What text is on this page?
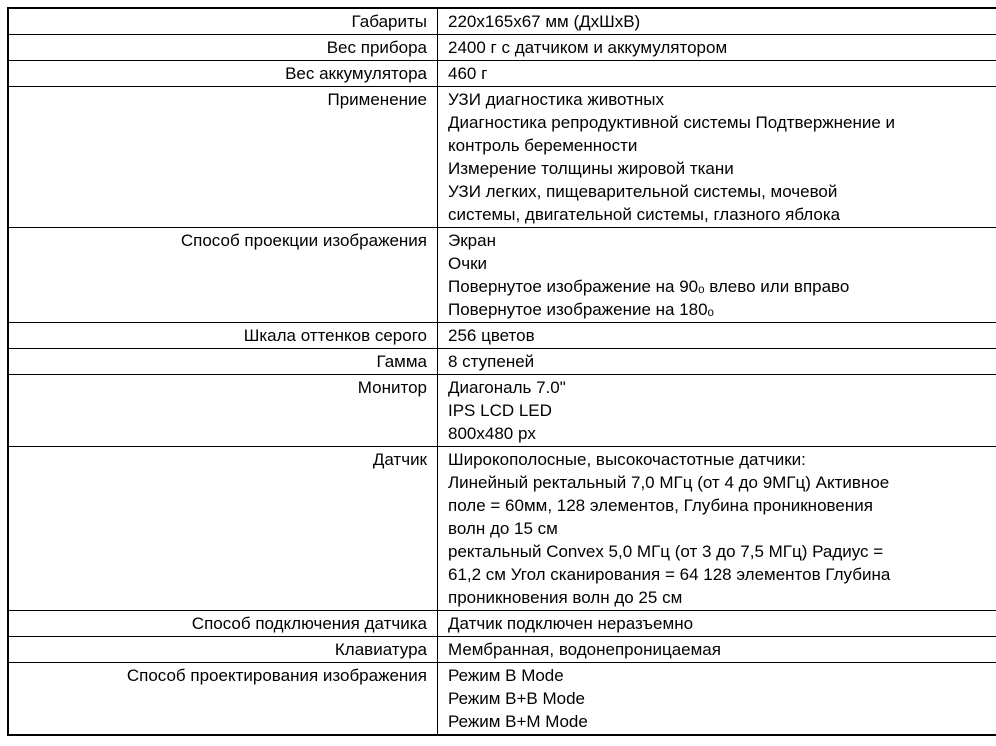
Габариты	220x165x67 мм (ДхШхВ)

Вес прибора	2400 г с датчиком и аккумулятором

Вес аккумулятора	460 г

Применение	УЗИ диагностика животных
Диагностика репродуктивной системы Подтвержнение и
контроль беременности
Измерение толщины жировой ткани
УЗИ легких, пищеварительной системы, мочевой
системы, двигательной системы, глазного яблока

Способ проекции изображения	Экран
Очки
Повернутое изображение на 90ₒ влево или вправо
Повернутое изображение на 180ₒ

Шкала оттенков серого	256 цветов

Гамма	8 ступеней

Монитор	Диагональ 7.0"
IPS LCD LED
800x480 px

Датчик	Широкополосные, высокочастотные датчики:
Линейный ректальный 7,0 МГц (от 4 до 9МГц) Активное
поле = 60мм, 128 элементов, Глубина проникновения
волн до 15 см
ректальный Convex 5,0 МГц (от 3 до 7,5 МГц) Радиус =
61,2 см Угол сканирования = 64 128 элементов Глубина
проникновения волн до 25 см

Способ подключения датчика	Датчик подключен неразъемно

Клавиатура	Мембранная, водонепроницаемая

Способ проектирования изображения	Режим B Mode
Режим B+B Mode
Режим B+M Mode
